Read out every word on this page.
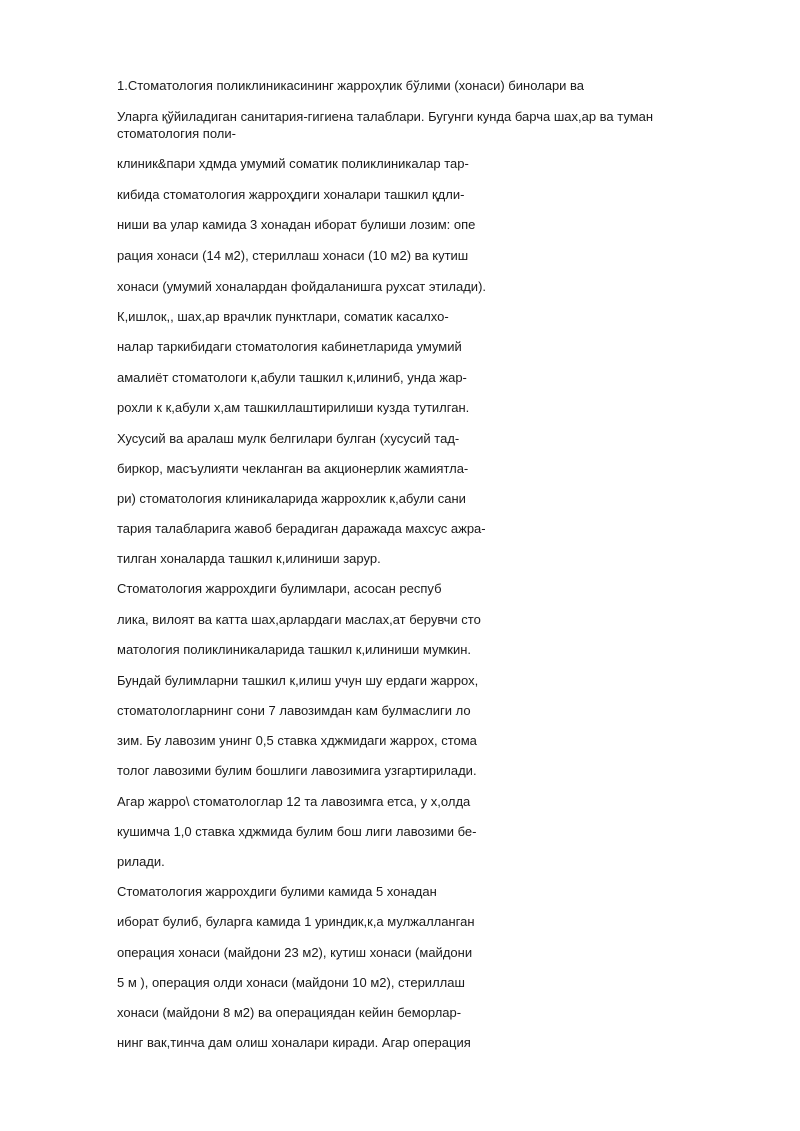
1.Стоматология поликлиникасининг жарроҳлик бўлими (хонаси) бинолари ва
Уларга қўйиладиган санитария-гигиена талаблари. Бугунги кунда барча шах,ар ва туман стоматология поли-
клиник&пари хдмда умумий соматик поликлиникалар тар-
кибида стоматология жарроҳдиги хоналари ташкил қдли-
ниши ва улар камида 3 хонадан иборат булиши лозим: опе
рация хонаси (14 м2), стериллаш хонаси (10 м2) ва кутиш
хонаси (умумий хоналардан фойдаланишга рухсат этилади).
К,ишлок,, шах,ар врачлик пунктлари, соматик касалхо-
налар таркибидаги стоматология кабинетларида умумий
амалиёт стоматологи к,абули ташкил к,илиниб, унда жар-
рохли к к,абули х,ам ташкиллаштирилиши кузда тутилган.
Хусусий ва аралаш мулк белгилари булган (хусусий тад-
биркор, масъулияти чекланган ва акционерлик жамиятла-
ри) стоматология клиникаларида жаррохлик к,абули сани
тария талабларига жавоб берадиган даражада махсус ажра-
тилган хоналарда ташкил к,илиниши зарур.
Стоматология жаррохдиги булимлари, асосан респуб
лика, вилоят ва катта шах,арлардаги маслах,ат берувчи сто
матология поликлиникаларида ташкил к,илиниши мумкин.
Бундай булимларни ташкил к,илиш учун шу ердаги жаррох,
стоматологларнинг сони 7 лавозимдан кам булмаслиги ло
зим. Бу лавозим унинг 0,5 ставка хджмидаги жаррох, стома
толог лавозими булим бошлиги лавозимига узгартирилади.
Агар жарро\ стоматологлар 12 та лавозимга етса, у х,олда
кушимча 1,0 ставка хджмида булим бош лиги лавозими бе-
рилади.
Стоматология жаррохдиги булими камида 5 хонадан
иборат булиб, буларга камида 1 уриндик,к,а мулжалланган
операция хонаси (майдони 23 м2), кутиш хонаси (майдони
5 м ), операция олди хонаси (майдони 10 м2), стериллаш
хонаси (майдони 8 м2) ва операциядан кейин беморлар-
нинг вак,тинча дам олиш хоналари киради. Агар операция
